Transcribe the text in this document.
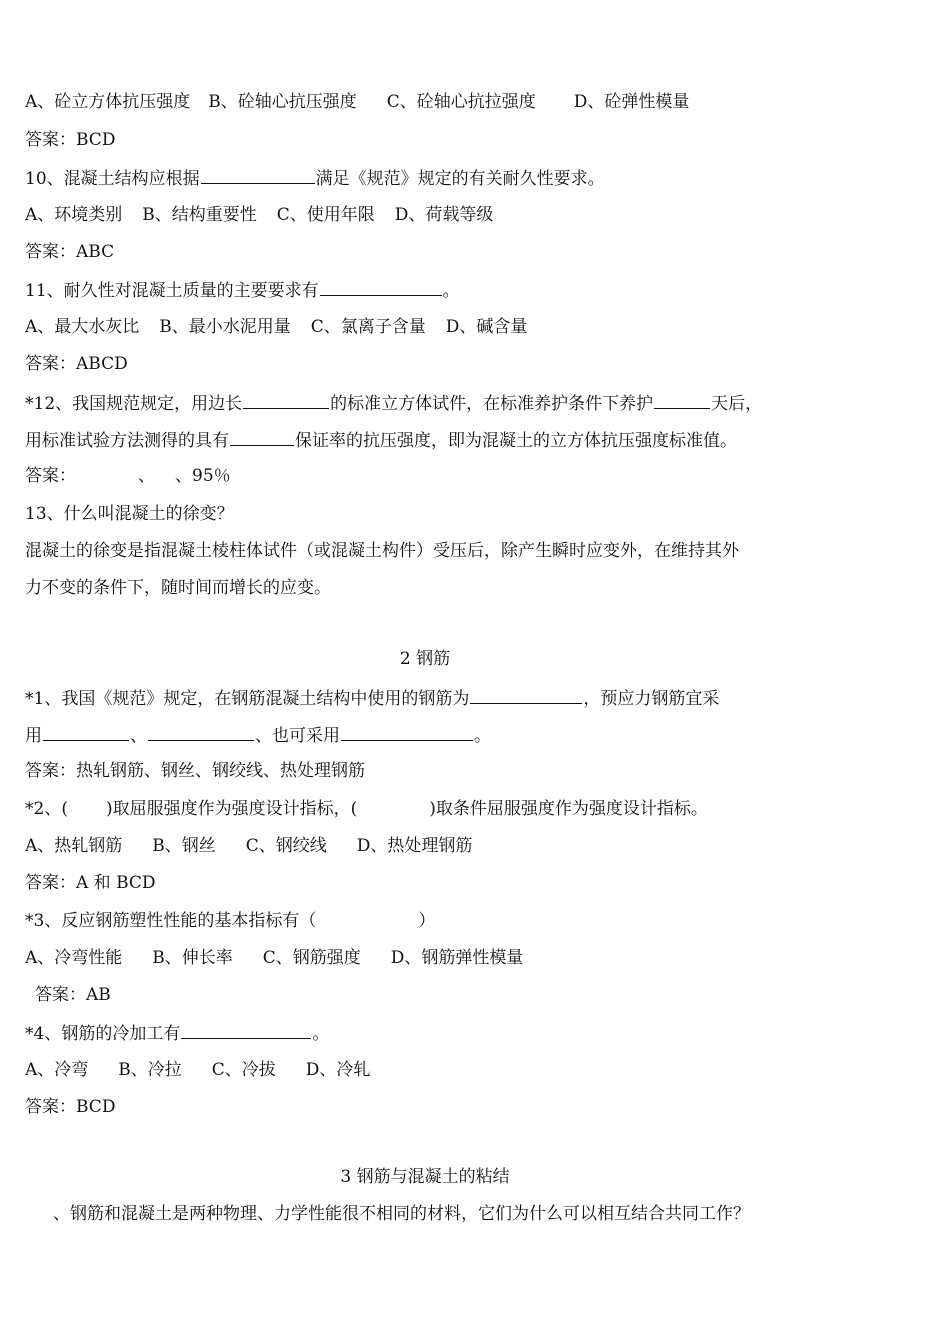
A、砼立方体抗压强度 B、砼轴心抗压强度 C、砼轴心抗拉强度 D、砼弹性模量
答案：BCD
10、混凝土结构应根据	满足《规范》规定的有关耐久性要求。
A、环境类别 B、结构重要性 C、使用年限 D、荷载等级
答案：ABC
11、耐久性对混凝土质量的主要要求有	。
A、最大水灰比 B、最小水泥用量 C、氯离子含量 D、碱含量
答案：ABCD
*12、我国规范规定，用边长	的标准立方体试件，在标准养护条件下养护	天后，
用标准试验方法测得的具有	保证率的抗压强度，即为混凝土的立方体抗压强度标准值。
答案：	、 、95％
13、什么叫混凝土的徐变？
混凝土的徐变是指混凝土棱柱体试件（或混凝土构件）受压后，除产生瞬时应变外，在维持其外
力不变的条件下，随时间而增长的应变。
2 钢筋
*1、我国《规范》规定，在钢筋混凝土结构中使用的钢筋为	，预应力钢筋宜采
用	、	、也可采用	。
答案：热轧钢筋、钢丝、钢绞线、热处理钢筋
*2、( )取屈服强度作为强度设计指标，(	)取条件屈服强度作为强度设计指标。
A、热轧钢筋 B、钢丝 C、钢绞线 D、热处理钢筋
答案：A 和 BCD
*3、反应钢筋塑性性能的基本指标有（	）
A、冷弯性能 B、伸长率 C、钢筋强度 D、钢筋弹性模量
答案：AB
*4、钢筋的冷加工有	。
A、冷弯 B、冷拉 C、冷拔 D、冷轧
答案：BCD
3 钢筋与混凝土的粘结
、钢筋和混凝土是两种物理、力学性能很不相同的材料，它们为什么可以相互结合共同工作？
